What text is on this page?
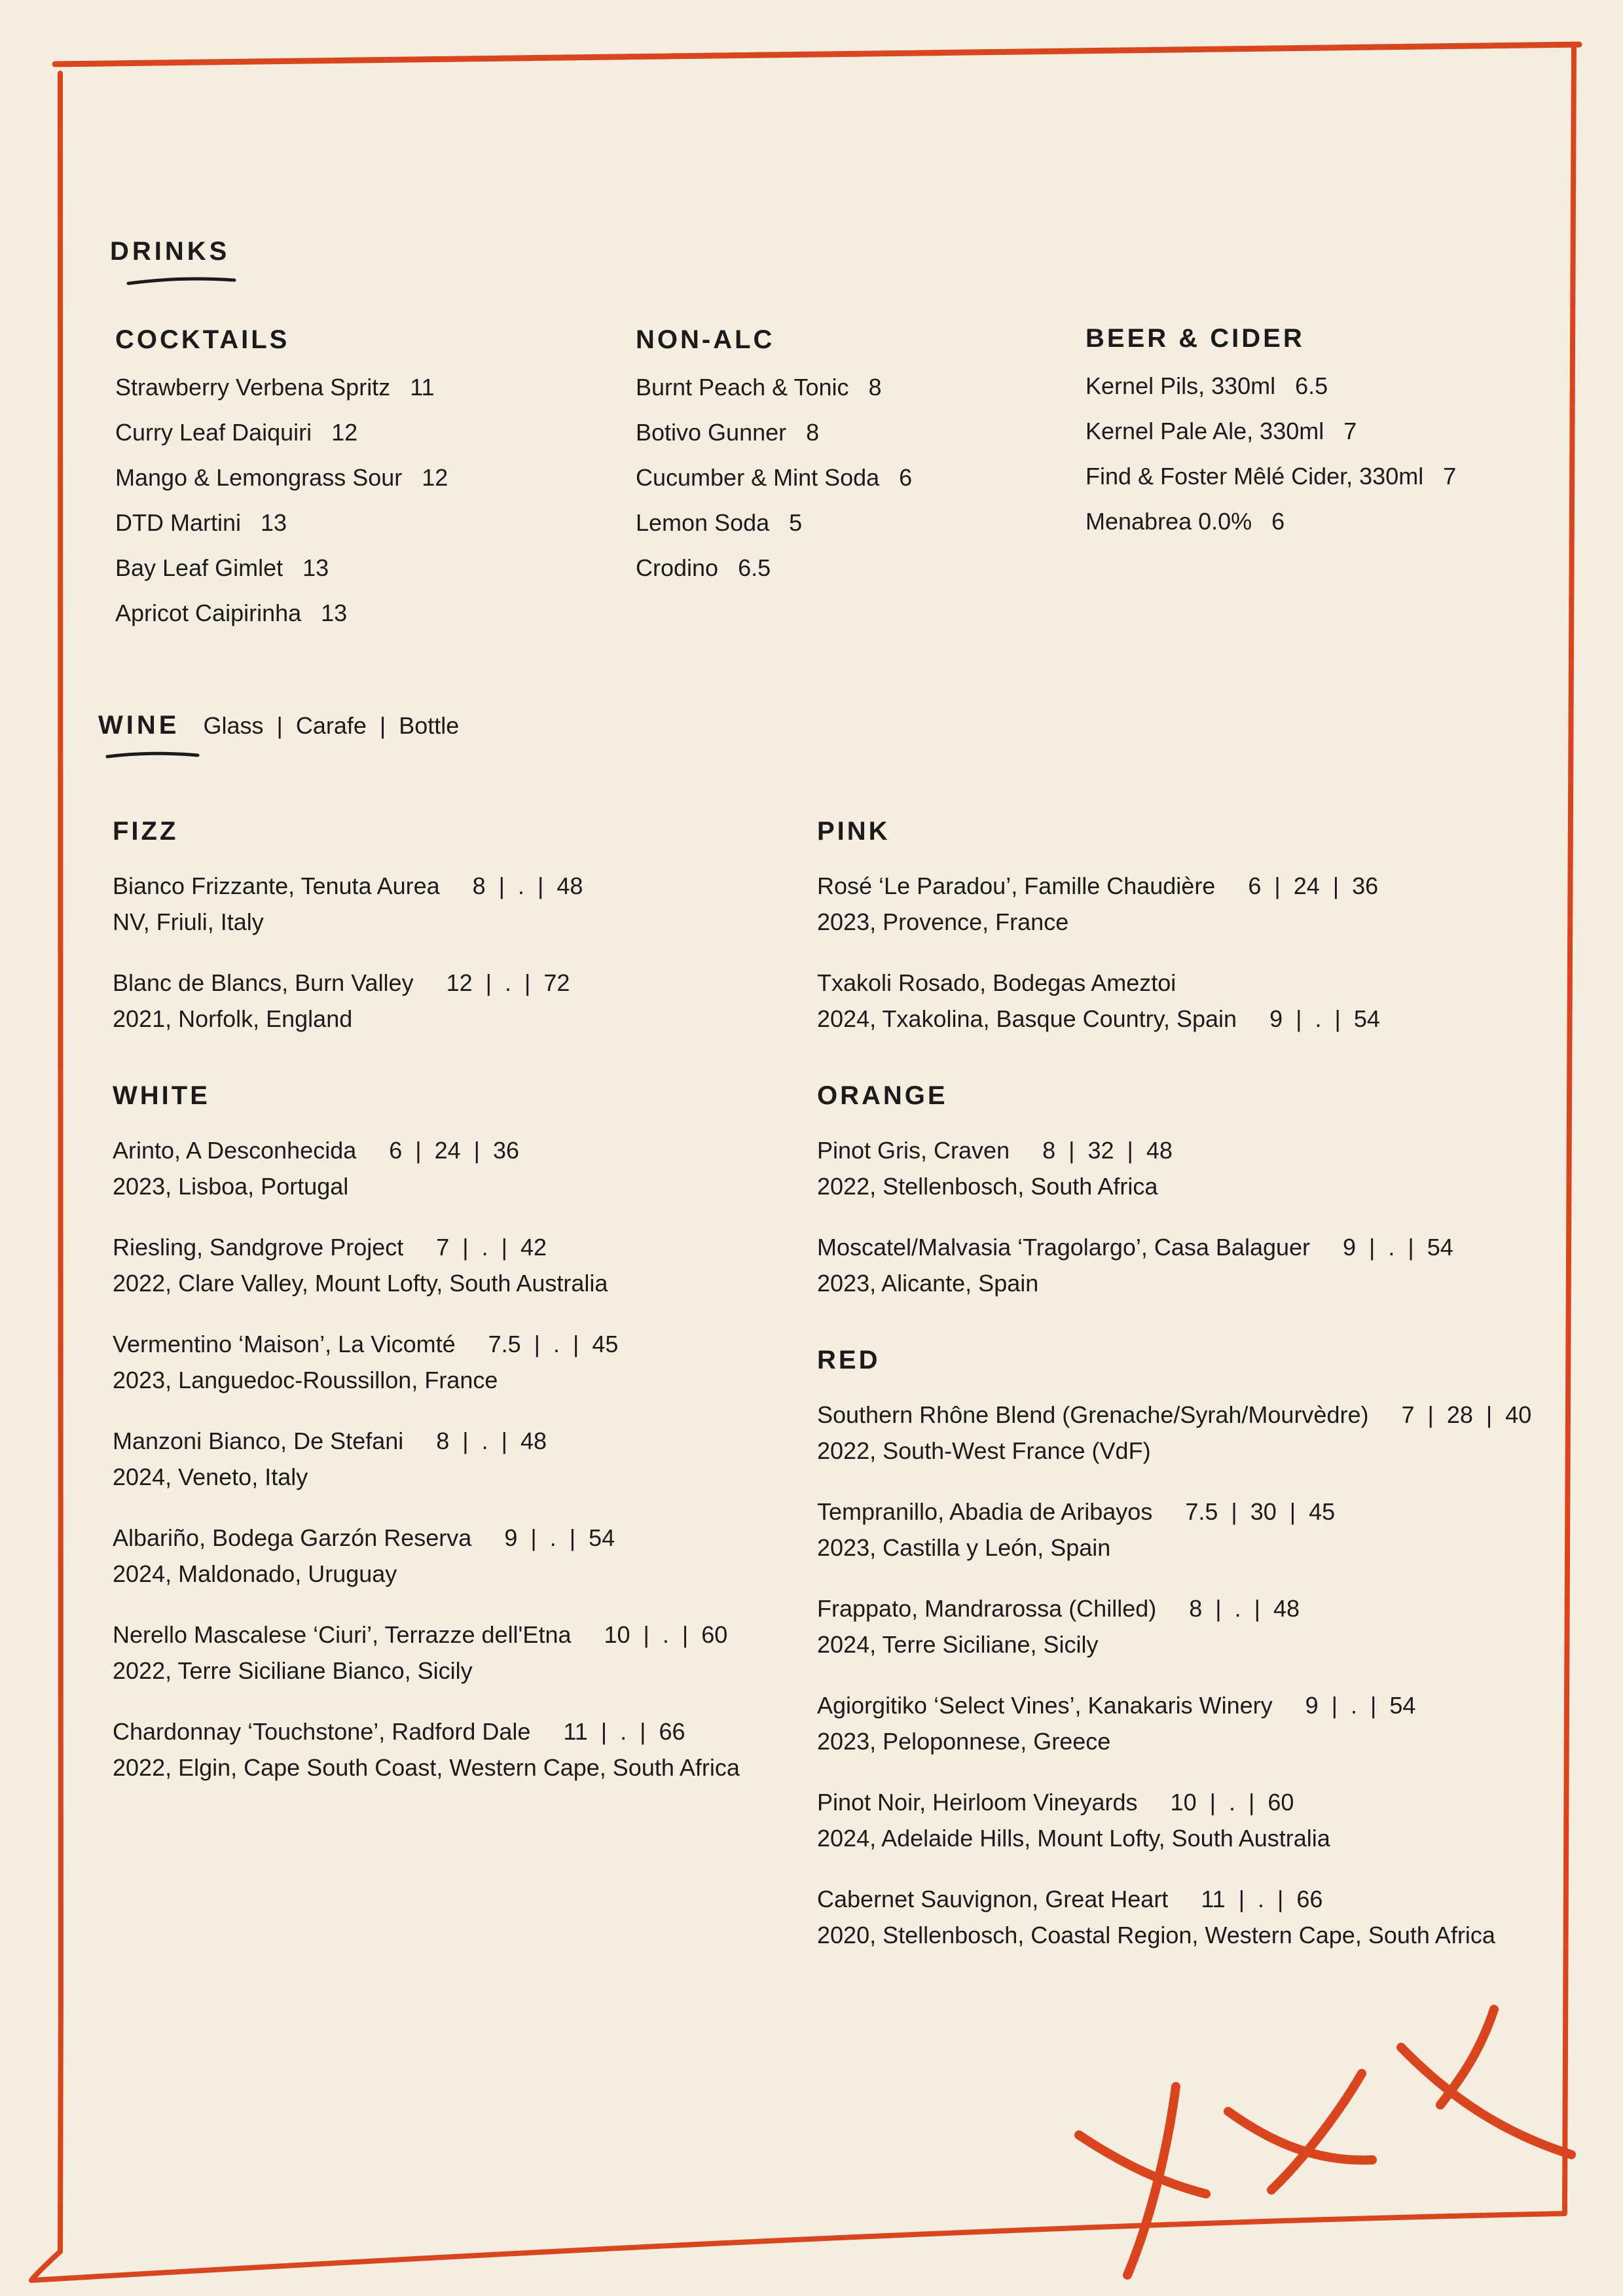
DRINKS
COCKTAILS
Strawberry Verbena Spritz 11
Curry Leaf Daiquiri 12
Mango & Lemongrass Sour 12
DTD Martini 13
Bay Leaf Gimlet 13
Apricot Caipirinha 13
NON-ALC
Burnt Peach & Tonic 8
Botivo Gunner 8
Cucumber & Mint Soda 6
Lemon Soda 5
Crodino 6.5
BEER & CIDER
Kernel Pils, 330ml 6.5
Kernel Pale Ale, 330ml 7
Find & Foster Mêlé Cider, 330ml 7
Menabrea 0.0% 6
WINE Glass  |  Carafe  |  Bottle
FIZZ
Bianco Frizzante, Tenuta Aurea     8  |  .  |  48
NV, Friuli, Italy
Blanc de Blancs, Burn Valley     12  |  .  |  72
2021, Norfolk, England
WHITE
Arinto, A Desconhecida     6  |  24  |  36
2023, Lisboa, Portugal
Riesling, Sandgrove Project     7  |  .  |  42
2022, Clare Valley, Mount Lofty, South Australia
Vermentino ‘Maison’, La Vicomté     7.5  |  .  |  45
2023, Languedoc-Roussillon, France
Manzoni Bianco, De Stefani     8  |  .  |  48
2024, Veneto, Italy
Albariño, Bodega Garzón Reserva     9  |  .  |  54
2024, Maldonado, Uruguay
Nerello Mascalese ‘Ciuri’, Terrazze dell'Etna     10  |  .  |  60
2022, Terre Siciliane Bianco, Sicily
Chardonnay ‘Touchstone’, Radford Dale     11  |  .  |  66
2022, Elgin, Cape South Coast, Western Cape, South Africa
PINK
Rosé ‘Le Paradou’, Famille Chaudière     6  |  24  |  36
2023, Provence, France
Txakoli Rosado, Bodegas Ameztoi
2024, Txakolina, Basque Country, Spain     9  |  .  |  54
ORANGE
Pinot Gris, Craven     8  |  32  |  48
2022, Stellenbosch, South Africa
Moscatel/Malvasia ‘Tragolargo’, Casa Balaguer     9  |  .  |  54
2023, Alicante, Spain
RED
Southern Rhône Blend (Grenache/Syrah/Mourvèdre)     7  |  28  |  40
2022, South-West France (VdF)
Tempranillo, Abadia de Aribayos     7.5  |  30  |  45
2023, Castilla y León, Spain
Frappato, Mandrarossa (Chilled)     8  |  .  |  48
2024, Terre Siciliane, Sicily
Agiorgitiko ‘Select Vines’, Kanakaris Winery     9  |  .  |  54
2023, Peloponnese, Greece
Pinot Noir, Heirloom Vineyards     10  |  .  |  60
2024, Adelaide Hills, Mount Lofty, South Australia
Cabernet Sauvignon, Great Heart     11  |  .  |  66
2020, Stellenbosch, Coastal Region, Western Cape, South Africa
